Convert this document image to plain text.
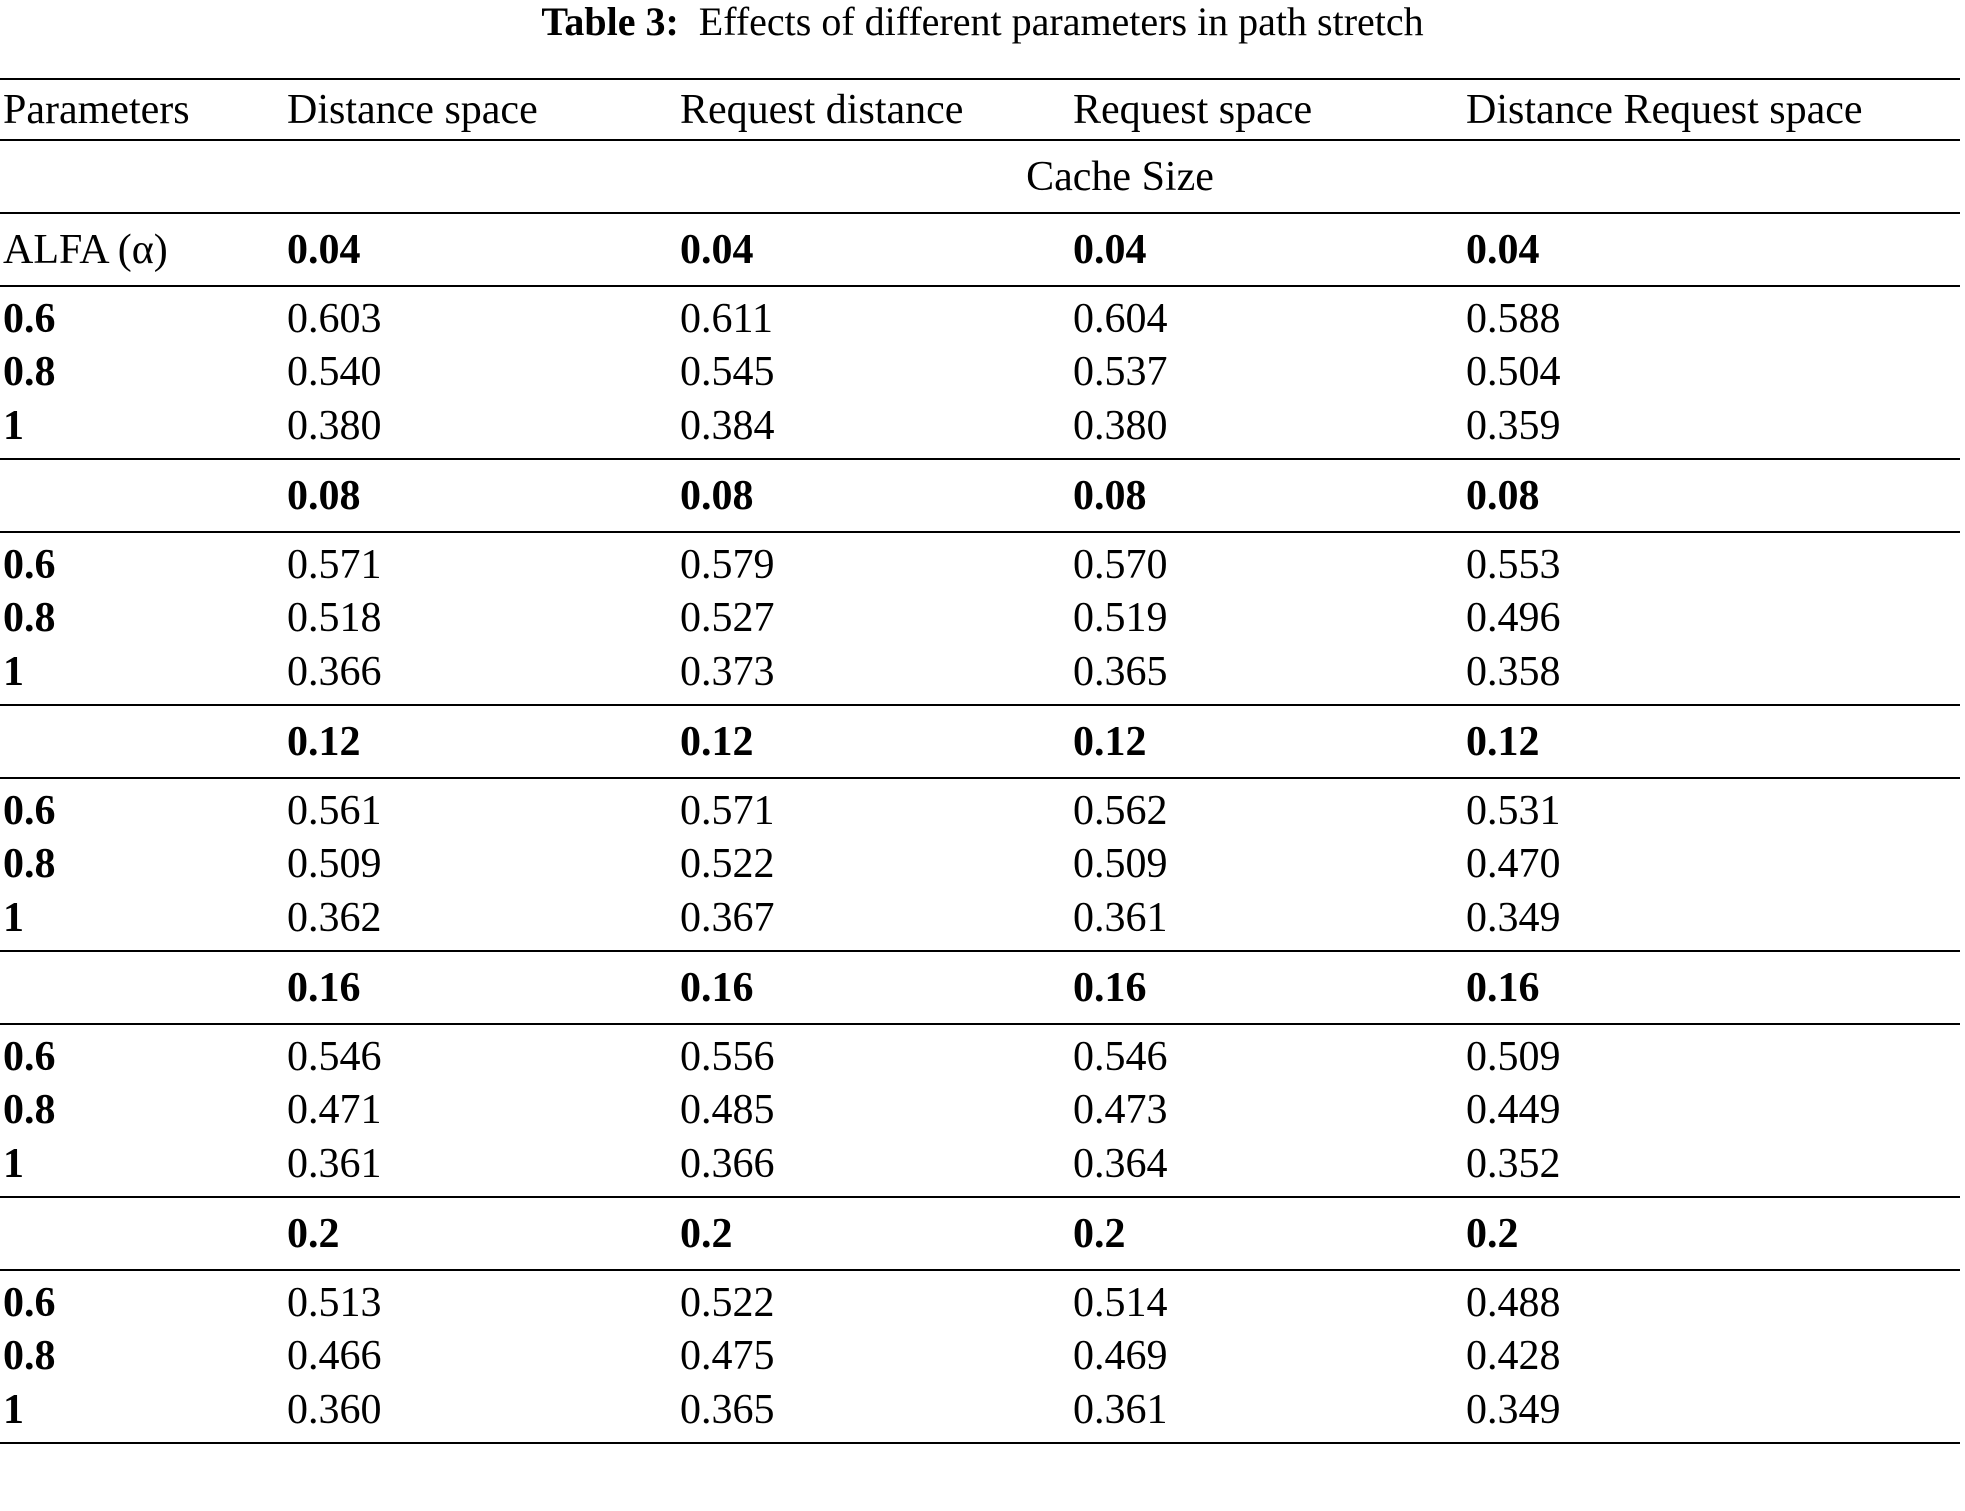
Table 3: Effects of different parameters in path stretch
Parameters	Distance space	Request distance	Request space	Distance Request space
Cache Size				
ALFA (α)	0.04	0.04	0.04	0.04
0.6	0.603	0.611	0.604	0.588
0.8	0.540	0.545	0.537	0.504
1	0.380	0.384	0.380	0.359
	0.08	0.08	0.08	0.08
0.6	0.571	0.579	0.570	0.553
0.8	0.518	0.527	0.519	0.496
1	0.366	0.373	0.365	0.358
	0.12	0.12	0.12	0.12
0.6	0.561	0.571	0.562	0.531
0.8	0.509	0.522	0.509	0.470
1	0.362	0.367	0.361	0.349
	0.16	0.16	0.16	0.16
0.6	0.546	0.556	0.546	0.509
0.8	0.471	0.485	0.473	0.449
1	0.361	0.366	0.364	0.352
	0.2	0.2	0.2	0.2
0.6	0.513	0.522	0.514	0.488
0.8	0.466	0.475	0.469	0.428
1	0.360	0.365	0.361	0.349
